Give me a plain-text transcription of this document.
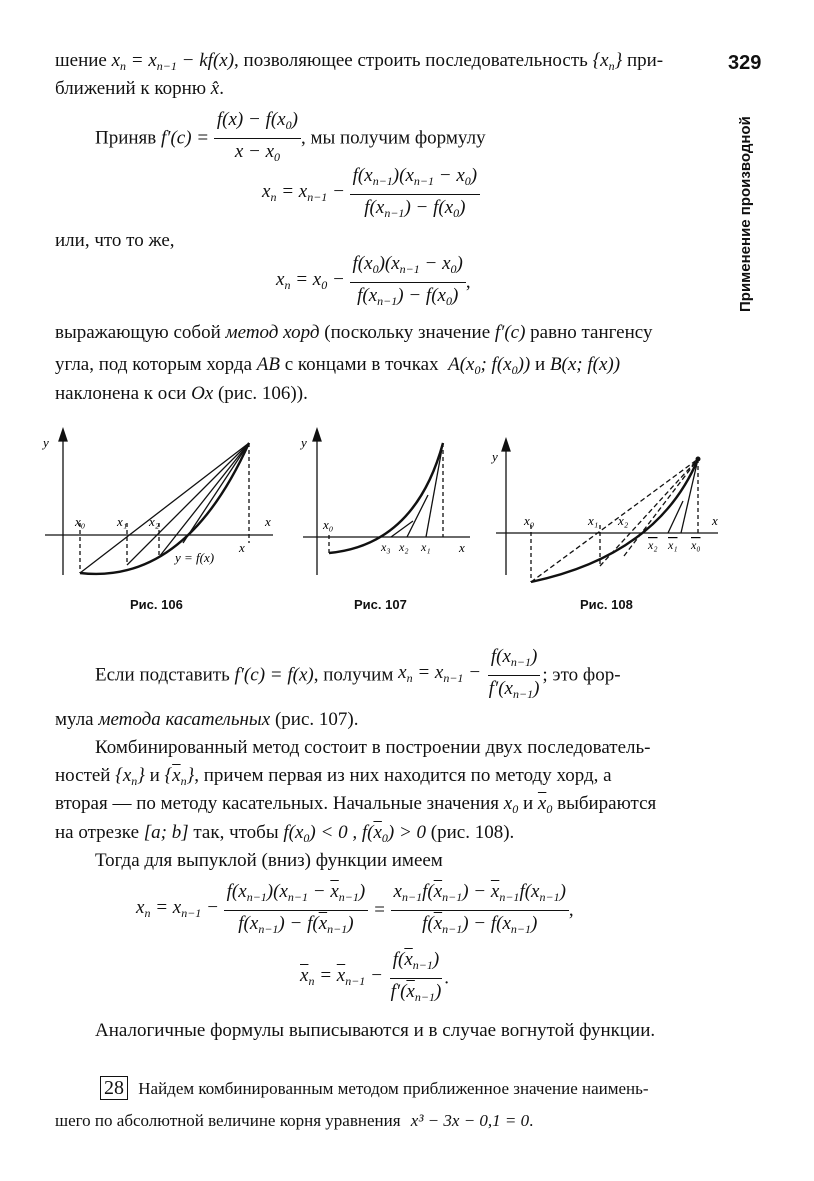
329
Применение производной
шение $x_n = x_{n-1} - kf(x)$, позволяющее строить последовательность $\{x_n\}$ при-
ближений к корню x̂.
Приняв $f'(c) = \frac{f(x) - f(x_0)}{x - x_0}$ , мы получим формулу
$x_n = x_{n-1} - \frac{f(x_{n-1})(x_{n-1} - x_0)}{f(x_{n-1}) - f(x_0)}$
или, что то же,
$x_n = x_0 - \frac{f(x_0)(x_{n-1} - x_0)}{f(x_{n-1}) - f(x_0)}$ ,
выражающую собой метод хорд (поскольку значение f′(c) равно тангенсу
угла, под которым хорда AB с концами в точках  $A(x_0$; $f(x_0)$) и B(x; f(x))
наклонена к оси Ox (рис. 106)).
y
x₀ x₁ x₂	x
x
y = f(x)
Рис. 106
y
x₀
x₃ x₂ x₁ x
Рис. 107
y
x₀	x₁ x₂	x
x₂ x₁ x₀
Рис. 108
Если подставить f′(c) = f(x), получим $x_n = x_{n-1} - \frac{f(x_{n-1})}{f'(x_{n-1})}$ ; это фор-
мула метода касательных (рис. 107).
Комбинированный метод состоит в построении двух последователь-
ностей $\{x_n\}$ и $\{\overline{x}_n\}$, причем первая из них находится по методу хорд, а
вторая — по методу касательных. Начальные значения $x_0$ и $\overline{x}_0$ выбираются
на отрезке [a; b] так, чтобы $f(x_0) < 0$ , $f(\overline{x}_0) > 0$ (рис. 108).
Тогда для выпуклой (вниз) функции имеем
$x_n = x_{n-1} - \frac{f(x_{n-1})(x_{n-1} - \overline{x}_{n-1})}{f(x_{n-1}) - f(\overline{x}_{n-1})} = \frac{x_{n-1}f(\overline{x}_{n-1}) - \overline{x}_{n-1}f(x_{n-1})}{f(\overline{x}_{n-1}) - f(x_{n-1})}$ ,
$\overline{x}_n = \overline{x}_{n-1} - \frac{f(\overline{x}_{n-1})}{f'(\overline{x}_{n-1})}$ .
Аналогичные формулы выписываются и в случае вогнутой функции.
28 Найдем комбинированным методом приближенное значение наимень-
шего по абсолютной величине корня уравнения x³ − 3x − 0,1 = 0.
